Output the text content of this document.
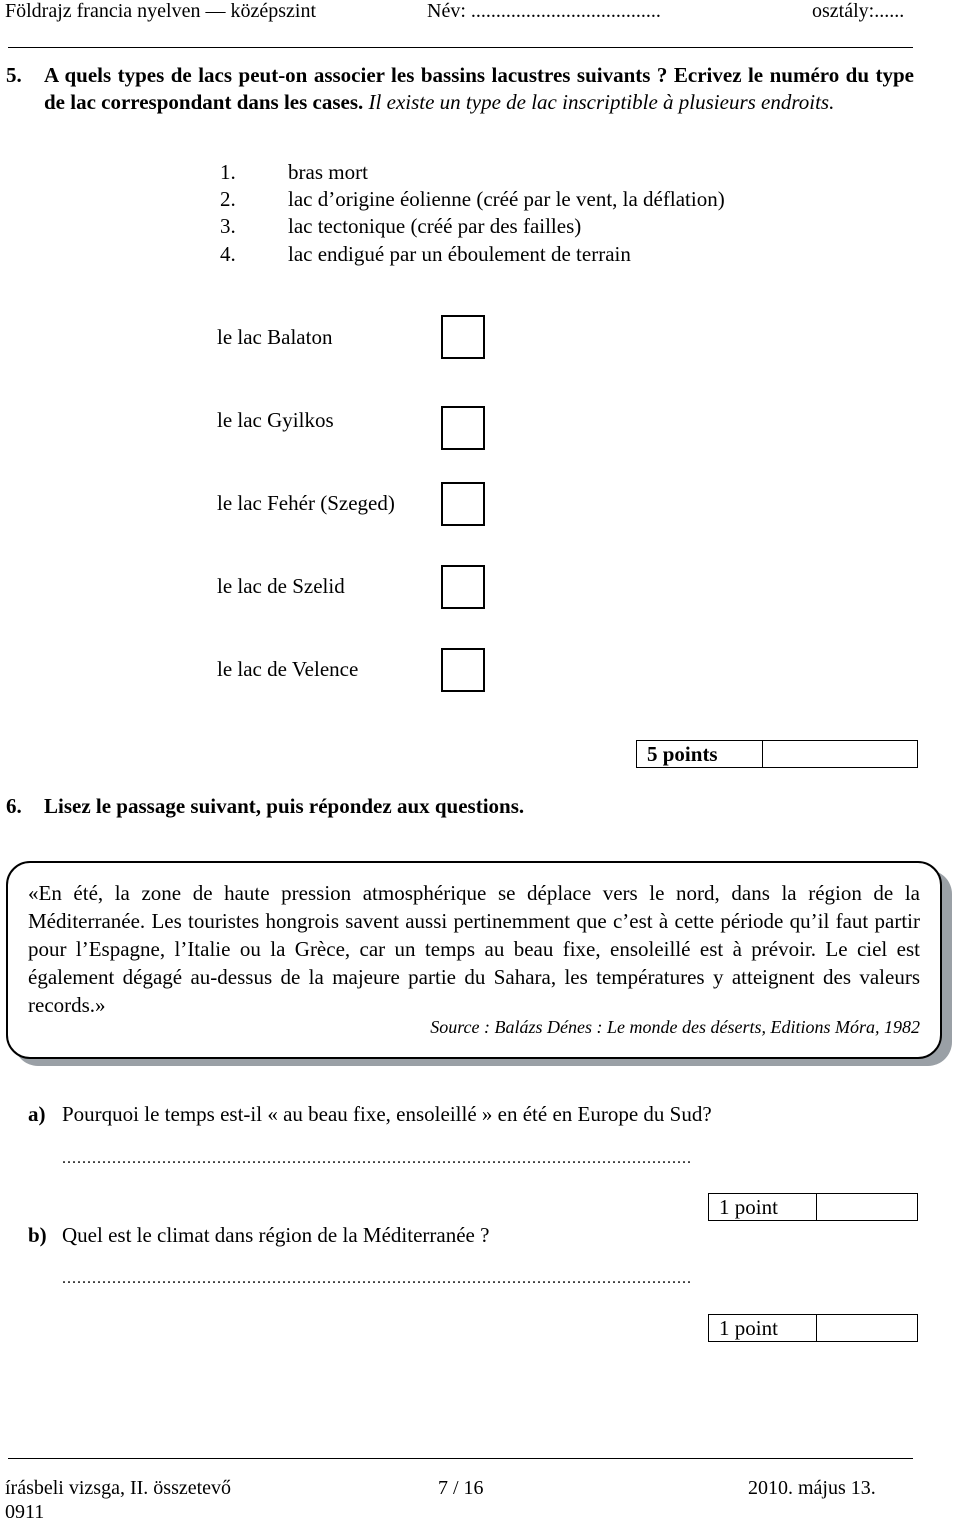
Földrajz francia nyelven — középszint	Név: ......................................	osztály:......
5. A quels types de lacs peut-on associer les bassins lacustres suivants ? Ecrivez le numéro du type de lac correspondant dans les cases. Il existe un type de lac inscriptible à plusieurs endroits.
1. bras mort
2. lac d’origine éolienne (créé par le vent, la déflation)
3. lac tectonique (créé par des failles)
4. lac endigué par un éboulement de terrain
le lac Balaton
le lac Gyilkos
le lac Fehér (Szeged)
le lac de Szelid
le lac de Velence
5 points
6. Lisez le passage suivant, puis répondez aux questions.
«En été, la zone de haute pression atmosphérique se déplace vers le nord, dans la région de la Méditerranée. Les touristes hongrois savent aussi pertinemment que c’est à cette période qu’il faut partir pour l’Espagne, l’Italie ou la Grèce, car un temps au beau fixe, ensoleillé est à prévoir. Le ciel est également dégagé au-dessus de la majeure partie du Sahara, les températures y atteignent des valeurs records.»
Source : Balázs Dénes : Le monde des déserts, Editions Móra, 1982
a) Pourquoi le temps est-il « au beau fixe, ensoleillé » en été en Europe du Sud?
..............................................................................................................................
1 point
b) Quel est le climat dans région de la Méditerranée ?
..............................................................................................................................
1 point
írásbeli vizsga, II. összetevő
0911
7 / 16	2010. május 13.
